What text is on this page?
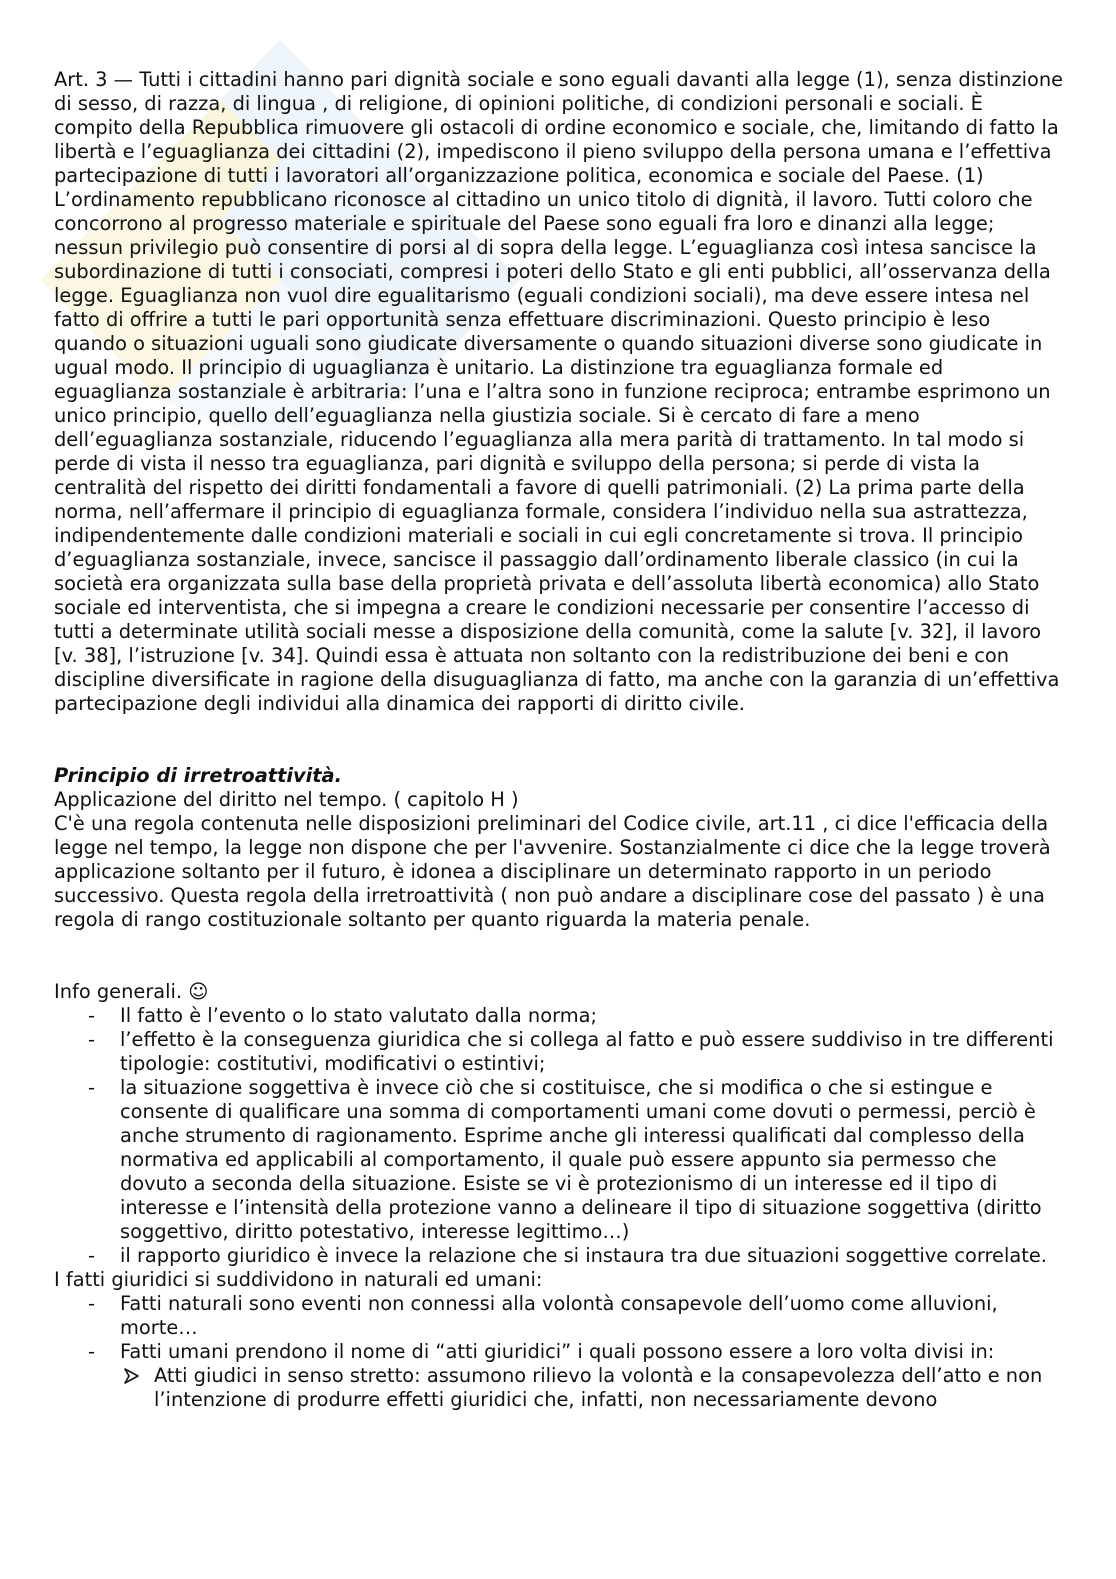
Art. 3 — Tutti i cittadini hanno pari dignità sociale e sono eguali davanti alla legge (1), senza distinzione di sesso, di razza, di lingua , di religione, di opinioni politiche, di condizioni personali e sociali. È compito della Repubblica rimuovere gli ostacoli di ordine economico e sociale, che, limitando di fatto la libertà e l’eguaglianza dei cittadini (2), impediscono il pieno sviluppo della persona umana e l’effettiva partecipazione di tutti i lavoratori all’organizzazione politica, economica e sociale del Paese. (1) L’ordinamento repubblicano riconosce al cittadino un unico titolo di dignità, il lavoro. Tutti coloro che concorrono al progresso materiale e spirituale del Paese sono eguali fra loro e dinanzi alla legge; nessun privilegio può consentire di porsi al di sopra della legge. L’eguaglianza così intesa sancisce la subordinazione di tutti i consociati, compresi i poteri dello Stato e gli enti pubblici, all’osservanza della legge. Eguaglianza non vuol dire egualitarismo (eguali condizioni sociali), ma deve essere intesa nel fatto di offrire a tutti le pari opportunità senza effettuare discriminazioni. Questo principio è leso quando o situazioni uguali sono giudicate diversamente o quando situazioni diverse sono giudicate in ugual modo. Il principio di uguaglianza è unitario. La distinzione tra eguaglianza formale ed eguaglianza sostanziale è arbitraria: l’una e l’altra sono in funzione reciproca; entrambe esprimono un unico principio, quello dell’eguaglianza nella giustizia sociale. Si è cercato di fare a meno dell’eguaglianza sostanziale, riducendo l’eguaglianza alla mera parità di trattamento. In tal modo si perde di vista il nesso tra eguaglianza, pari dignità e sviluppo della persona; si perde di vista la centralità del rispetto dei diritti fondamentali a favore di quelli patrimoniali. (2) La prima parte della norma, nell’affermare il principio di eguaglianza formale, considera l’individuo nella sua astrattezza, indipendentemente dalle condizioni materiali e sociali in cui egli concretamente si trova. Il principio d’eguaglianza sostanziale, invece, sancisce il passaggio dall’ordinamento liberale classico (in cui la società era organizzata sulla base della proprietà privata e dell’assoluta libertà economica) allo Stato sociale ed interventista, che si impegna a creare le condizioni necessarie per consentire l’accesso di tutti a determinate utilità sociali messe a disposizione della comunità, come la salute [v. 32], il lavoro [v. 38], l’istruzione [v. 34]. Quindi essa è attuata non soltanto con la redistribuzione dei beni e con discipline diversificate in ragione della disuguaglianza di fatto, ma anche con la garanzia di un’effettiva partecipazione degli individui alla dinamica dei rapporti di diritto civile.

Principio di irretroattività.

Applicazione del diritto nel tempo. ( capitolo H )

C'è una regola contenuta nelle disposizioni preliminari del Codice civile, art.11 , ci dice l'efficacia della legge nel tempo, la legge non dispone che per l'avvenire. Sostanzialmente ci dice che la legge troverà applicazione soltanto per il futuro, è idonea a disciplinare un determinato rapporto in un periodo successivo. Questa regola della irretroattività ( non può andare a disciplinare cose del passato ) è una regola di rango costituzionale soltanto per quanto riguarda la materia penale.

Info generali. ☺

- Il fatto è l’evento o lo stato valutato dalla norma;
- l’effetto è la conseguenza giuridica che si collega al fatto e può essere suddiviso in tre differenti tipologie: costitutivi, modificativi o estintivi;
- la situazione soggettiva è invece ciò che si costituisce, che si modifica o che si estingue e consente di qualificare una somma di comportamenti umani come dovuti o permessi, perciò è anche strumento di ragionamento. Esprime anche gli interessi qualificati dal complesso della normativa ed applicabili al comportamento, il quale può essere appunto sia permesso che dovuto a seconda della situazione. Esiste se vi è protezionismo di un interesse ed il tipo di interesse e l’intensità della protezione vanno a delineare il tipo di situazione soggettiva (diritto soggettivo, diritto potestativo, interesse legittimo…)
- il rapporto giuridico è invece la relazione che si instaura tra due situazioni soggettive correlate.

I fatti giuridici si suddividono in naturali ed umani:

- Fatti naturali sono eventi non connessi alla volontà consapevole dell’uomo come alluvioni, morte…
- Fatti umani prendono il nome di “atti giuridici” i quali possono essere a loro volta divisi in:
Atti giudici in senso stretto: assumono rilievo la volontà e la consapevolezza dell’atto e non l’intenzione di produrre effetti giuridici che, infatti, non necessariamente devono
